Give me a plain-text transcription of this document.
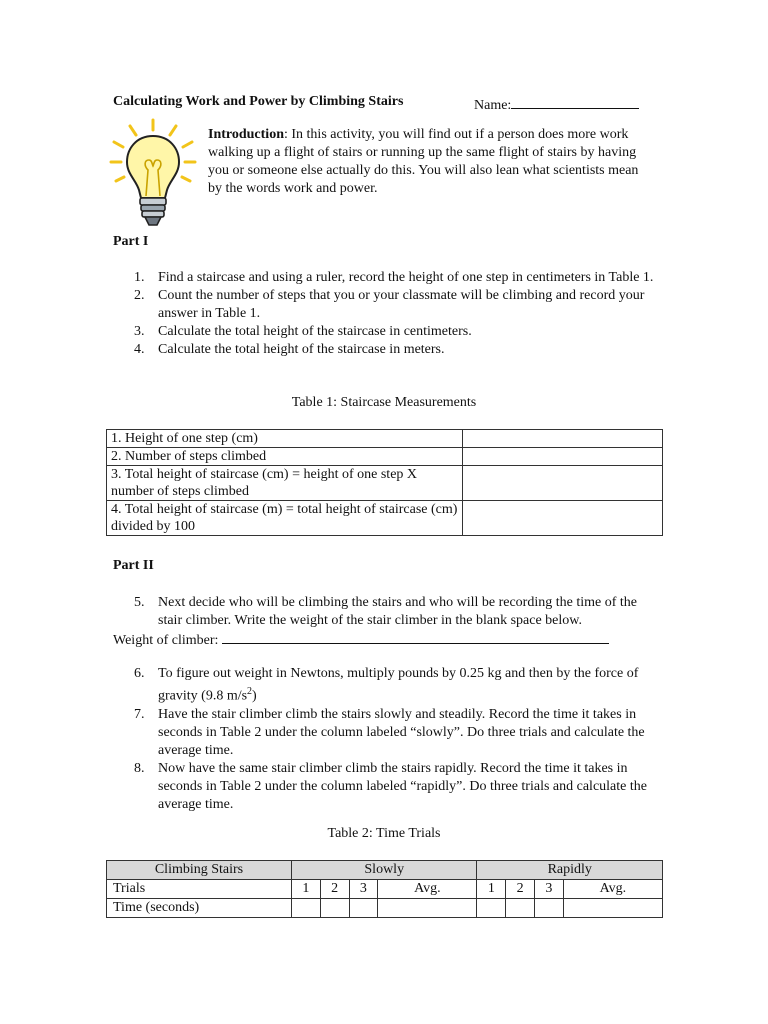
Calculating Work and Power by Climbing Stairs	Name:
Introduction: In this activity, you will find out if a person does more work walking up a flight of stairs or running up the same flight of stairs by having you or someone else actually do this. You will also lean what scientists mean by the words work and power.
Part I
1. Find a staircase and using a ruler, record the height of one step in centimeters in Table 1.
2. Count the number of steps that you or your classmate will be climbing and record your answer in Table 1.
3. Calculate the total height of the staircase in centimeters.
4. Calculate the total height of the staircase in meters.
Table 1: Staircase Measurements
1. Height of one step (cm)	
2. Number of steps climbed	
3. Total height of staircase (cm) = height of one step X number of steps climbed	
4. Total height of staircase (m) = total height of staircase (cm) divided by 100	
Part II
5. Next decide who will be climbing the stairs and who will be recording the time of the stair climber. Write the weight of the stair climber in the blank space below.
Weight of climber:
6. To figure out weight in Newtons, multiply pounds by 0.25 kg and then by the force of gravity (9.8 $m/s^2$)
7. Have the stair climber climb the stairs slowly and steadily. Record the time it takes in seconds in Table 2 under the column labeled “slowly”. Do three trials and calculate the average time.
8. Now have the same stair climber climb the stairs rapidly. Record the time it takes in seconds in Table 2 under the column labeled “rapidly”. Do three trials and calculate the average time.
Table 2: Time Trials
Climbing Stairs	Slowly				Rapidly			
Trials	1	2	3	Avg.	1	2	3	Avg.
Time (seconds)								
